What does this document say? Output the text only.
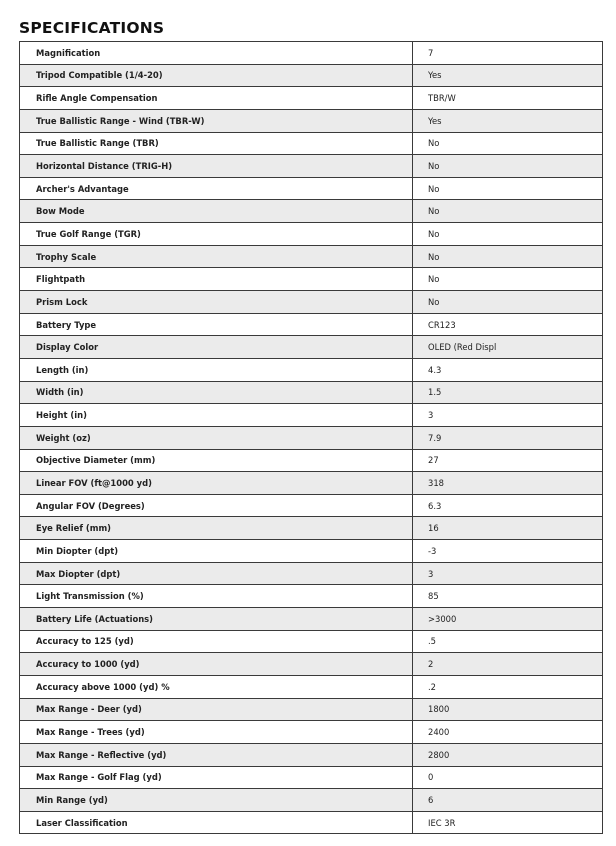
SPECIFICATIONS
Magnification	7
Tripod Compatible (1/4-20)	Yes
Rifle Angle Compensation	TBR/W
True Ballistic Range - Wind (TBR-W)	Yes
True Ballistic Range (TBR)	No
Horizontal Distance (TRIG-H)	No
Archer's Advantage	No
Bow Mode	No
True Golf Range (TGR)	No
Trophy Scale	No
Flightpath	No
Prism Lock	No
Battery Type	CR123
Display Color	OLED (Red Displ
Length (in)	4.3
Width (in)	1.5
Height (in)	3
Weight (oz)	7.9
Objective Diameter (mm)	27
Linear FOV (ft@1000 yd)	318
Angular FOV (Degrees)	6.3
Eye Relief (mm)	16
Min Diopter (dpt)	-3
Max Diopter (dpt)	3
Light Transmission (%)	85
Battery Life (Actuations)	>3000
Accuracy to 125 (yd)	.5
Accuracy to 1000 (yd)	2
Accuracy above 1000 (yd) %	.2
Max Range - Deer (yd)	1800
Max Range - Trees (yd)	2400
Max Range - Reflective (yd)	2800
Max Range - Golf Flag (yd)	0
Min Range (yd)	6
Laser Classification	IEC 3R
